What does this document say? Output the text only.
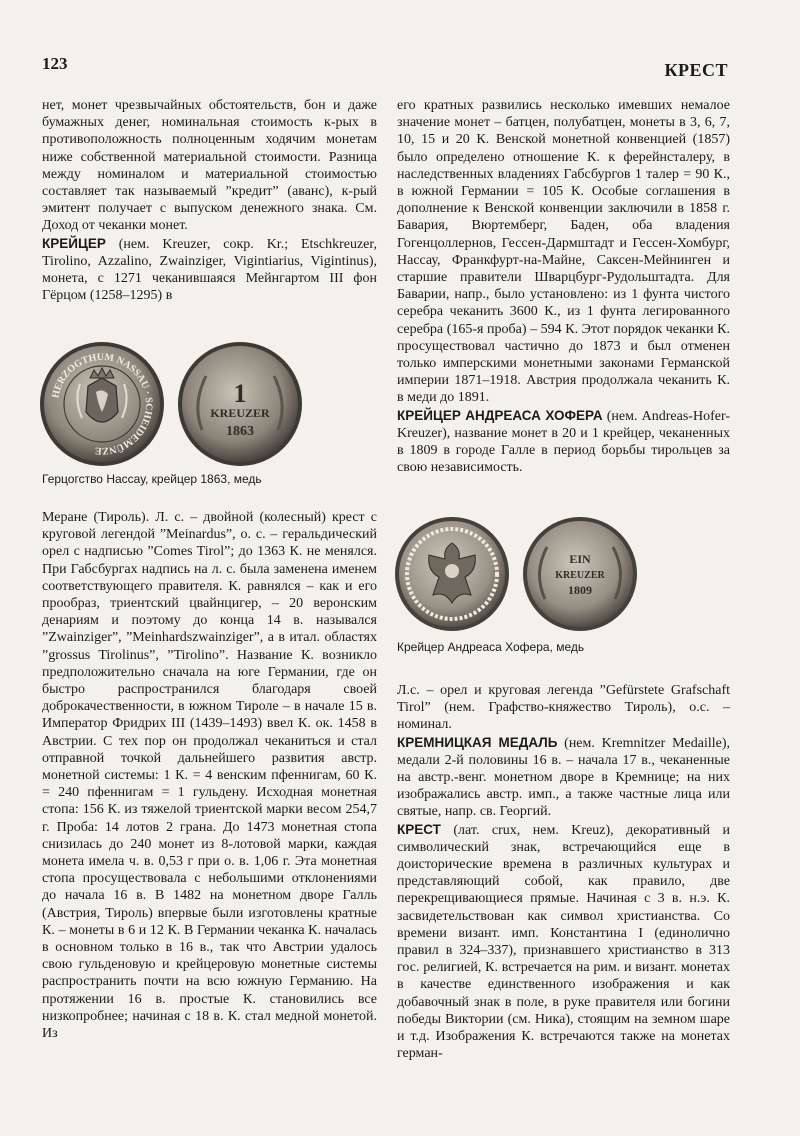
123	КРЕСТ

нет, монет чрезвычайных обстоятельств, бон и даже бумажных денег, номинальная стоимость к-рых в противоположность полноценным ходячим монетам ниже собственной материальной стоимости. Разница между номиналом и материальной стоимостью составляет так называемый ”кредит” (аванс), к-рый эмитент получает с выпуском денежного знака. См. Доход от чеканки монет.

КРЕЙЦЕР (нем. Kreuzer, сокр. Kr.; Etschkreuzer, Tirolino, Azzalino, Zwainziger, Vigintiarius, Vigintinus), монета, с 1271 чеканившаяся Мейнгартом III фон Гёрцом (1258–1295) в

HERZOGTHUM NASSAU · SCHEIDEMÜNZE
1
KREUZER
1863
Герцогство Нассау, крейцер 1863, медь

Меране (Тироль). Л. с. – двойной (колесный) крест с круговой легендой ”Meinardus”, о. с. – геральдический орел с надписью ”Comes Tirol”; до 1363 К. не менялся. При Габсбургах надпись на л. с. была заменена именем соответствующего правителя. К. равнялся – как и его прообраз, триентский цвайнцигер, – 20 веронским денариям и поэтому до конца 14 в. назывался ”Zwainziger”, ”Meinhardszwainziger”, а в итал. областях ”grossus Tirolinus”, ”Tirolino”. Название К. возникло предположительно сначала на юге Германии, где он быстро распространился благодаря своей доброкачественности, в южном Тироле – в начале 15 в. Император Фридрих III (1439–1493) ввел К. ок. 1458 в Австрии. С тех пор он продолжал чеканиться и стал отправной точкой дальнейшего развития австр. монетной системы: 1 К. = 4 венским пфеннигам, 60 К. = 240 пфеннигам = 1 гульдену. Исходная монетная стопа: 156 К. из тяжелой триентской марки весом 254,7 г. Проба: 14 лотов 2 грана. До 1473 монетная стопа снизилась до 240 монет из 8-лотовой марки, каждая монета имела ч. в. 0,53 г при о. в. 1,06 г. Эта монетная стопа просуществовала с небольшими отклонениями до начала 16 в. В 1482 на монетном дворе Галль (Австрия, Тироль) впервые были изготовлены кратные К. – монеты в 6 и 12 К. В Германии чеканка К. началась в основном только в 16 в., так что Австрии удалось свою гульденовую и крейцеровую монетные системы распространить почти на всю южную Германию. На протяжении 16 в. простые К. становились все низкопробнее; начиная с 18 в. К. стал медной монетой. Из

его кратных развились несколько имевших немалое значение монет – батцен, полубатцен, монеты в 3, 6, 7, 10, 15 и 20 К. Венской монетной конвенцией (1857) было определено отношение К. к ферейнсталеру, в наследственных владениях Габсбургов 1 талер = 90 К., в южной Германии = 105 К. Особые соглашения в дополнение к Венской конвенции заключили в 1858 г. Бавария, Вюртемберг, Баден, оба владения Гогенцоллернов, Гессен-Дармштадт и Гессен-Хомбург, Нассау, Франкфурт-на-Майне, Саксен-Мейнинген и старшие правители Шварцбург-Рудольштадта. Для Баварии, напр., было установлено: из 1 фунта чистого серебра чеканить 3600 К., из 1 фунта легированного серебра (165-я проба) – 594 К. Этот порядок чеканки К. просуществовал частично до 1873 и был отменен только имперскими монетными законами Германской империи 1871–1918. Австрия продолжала чеканить К. в меди до 1891.

КРЕЙЦЕР АНДРЕАСА ХОФЕРА (нем. Andreas-Hofer-Kreuzer), название монет в 20 и 1 крейцер, чеканенных в 1809 в городе Галле в период борьбы тирольцев за свою независимость.

EIN
KREUZER
1809
Крейцер Андреаса Хофера, медь

Л.с. – орел и круговая легенда ”Gefürstete Grafschaft Tirol” (нем. Графство-княжество Тироль), о.с. – номинал.

КРЕМНИЦКАЯ МЕДАЛЬ (нем. Kremnitzer Medaille), медали 2-й половины 16 в. – начала 17 в., чеканенные на австр.-венг. монетном дворе в Кремнице; на них изображались австр. имп., а также частные лица или святые, напр. св. Георгий.

КРЕСТ (лат. crux, нем. Kreuz), декоративный и символический знак, встречающийся еще в доисторические времена в различных культурах и представляющий собой, как правило, две перекрещивающиеся прямые. Начиная с 3 в. н.э. К. засвидетельствован как символ христианства. Со времени визант. имп. Константина I (единолично правил в 324–337), признавшего христианство в 313 гос. религией, К. встречается на рим. и визант. монетах в качестве единственного изображения и как добавочный знак в поле, в руке правителя или богини победы Виктории (см. Ника), стоящим на земном шаре и т.д. Изображения К. встречаются также на монетах герман-
